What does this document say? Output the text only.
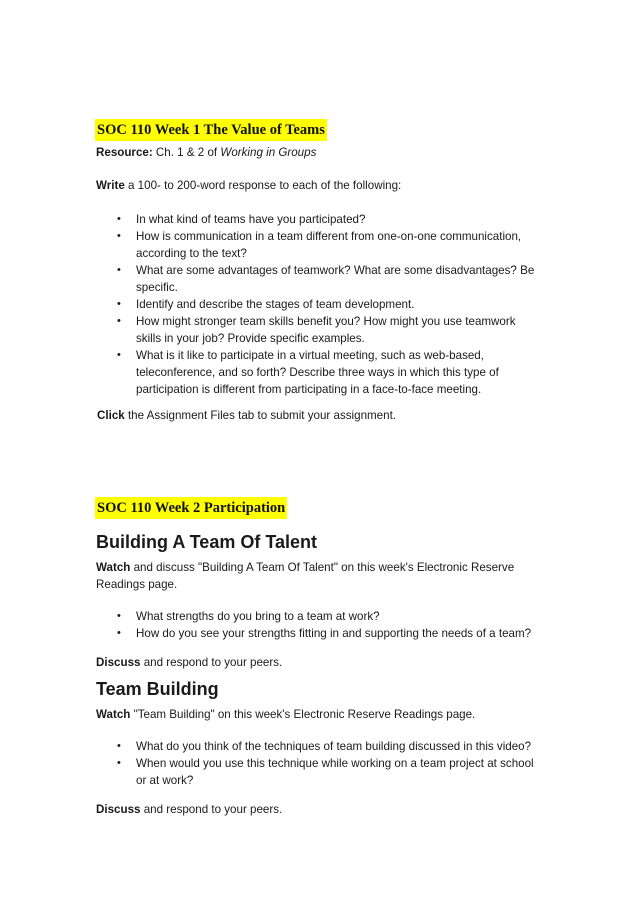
SOC 110 Week 1 The Value of Teams
Resource: Ch. 1 & 2 of Working in Groups
Write a 100- to 200-word response to each of the following:
• In what kind of teams have you participated?
• How is communication in a team different from one-on-one communication, according to the text?
• What are some advantages of teamwork? What are some disadvantages? Be specific.
• Identify and describe the stages of team development.
• How might stronger team skills benefit you? How might you use teamwork skills in your job? Provide specific examples.
• What is it like to participate in a virtual meeting, such as web-based, teleconference, and so forth? Describe three ways in which this type of participation is different from participating in a face-to-face meeting.
Click the Assignment Files tab to submit your assignment.
SOC 110 Week 2 Participation
Building A Team Of Talent
Watch and discuss "Building A Team Of Talent" on this week's Electronic Reserve
Readings page.
• What strengths do you bring to a team at work?
• How do you see your strengths fitting in and supporting the needs of a team?
Discuss and respond to your peers.
Team Building
Watch "Team Building" on this week's Electronic Reserve Readings page.
• What do you think of the techniques of team building discussed in this video?
• When would you use this technique while working on a team project at school or at work?
Discuss and respond to your peers.
